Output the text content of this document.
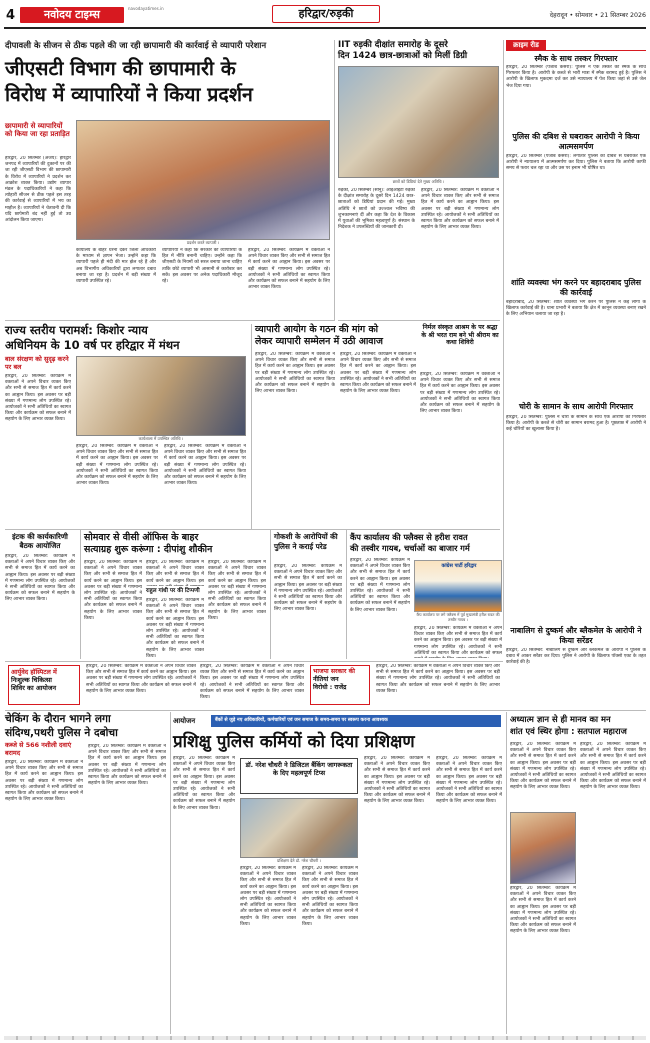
4	नवोदय टाइम्स	navodayatimes.in	हरिद्वार/रुड़की	देहरादून • सोमवार • 21 सितम्बर 2026
दीपावली के सीजन से ठीक पहले की जा रही छापामारी की कार्रवाई से व्यापारी परेशान
जीएसटी विभाग की छापामारी के
विरोध में व्यापारियों ने किया प्रदर्शन
छापामारी से व्यापारियों को किया जा रहा प्रताड़ित
हरिद्वार, 20 सितम्बर (अजय): हरिद्वार जनपद में व्यापारियों की दुकानों पर की जा रही जीएसटी विभाग की छापामारी के विरोध में व्यापारियों ने प्रदर्शन कर आक्रोश व्यक्त किया। उद्योग व्यापार मंडल के पदाधिकारियों ने कहा कि त्योहारी सीजन से ठीक पहले इस तरह की कार्रवाई से व्यापारियों में भय का माहौल है। व्यापारियों ने चेतावनी दी कि यदि छापेमारी बंद नहीं हुई तो उग्र आंदोलन किया जाएगा।
प्रदर्शन करते व्यापारी ।
कार्यालय के बाहर धरना देकर जिला अधिकारी के माध्यम से ज्ञापन भेजा। उन्होंने कहा कि व्यापारी पहले ही मंदी की मार झेल रहे हैं और अब विभागीय अधिकारियों द्वारा लगातार दबाव बनाया जा रहा है। प्रदर्शन में बड़ी संख्या में व्यापारी उपस्थित रहे।
व्यापारियों ने कहा कि सरकार को व्यापारियों के हित में नीति बनानी चाहिए। उन्होंने कहा कि जीएसटी के नियमों को सरल बनाया जाना चाहिए ताकि छोटे व्यापारी भी आसानी से कारोबार कर सकें। इस अवसर पर अनेक पदाधिकारी मौजूद रहे।
हरिद्वार, 20 सितम्बर: कार्यक्रम में वक्ताओं ने अपने विचार व्यक्त किए और सभी से समाज हित में कार्य करने का आह्वान किया। इस अवसर पर बड़ी संख्या में गणमान्य लोग उपस्थित रहे। आयोजकों ने सभी अतिथियों का स्वागत किया और कार्यक्रम को सफल बनाने में सहयोग के लिए आभार व्यक्त किया।
IIT रुड़की दीक्षांत समारोह के दूसरे
दिन 1424 छात्र-छात्राओं को मिलीं डिग्री
छात्रों को डिग्रियां देते मुख्य अतिथि ।
रुड़की, 20 सितम्बर (सोनू): आईआईटी रुड़की के दीक्षांत समारोह के दूसरे दिन 1424 छात्र-छात्राओं को डिग्रियां प्रदान की गई। मुख्य अतिथि ने छात्रों को उज्ज्वल भविष्य की शुभकामनाएं दीं और कहा कि देश के विकास में युवाओं की भूमिका महत्वपूर्ण है। संस्थान के निदेशक ने उपलब्धियों की जानकारी दी।
हरिद्वार, 20 सितम्बर: कार्यक्रम में वक्ताओं ने अपने विचार व्यक्त किए और सभी से समाज हित में कार्य करने का आह्वान किया। इस अवसर पर बड़ी संख्या में गणमान्य लोग उपस्थित रहे। आयोजकों ने सभी अतिथियों का स्वागत किया और कार्यक्रम को सफल बनाने में सहयोग के लिए आभार व्यक्त किया।
क्राइम रीड
स्मैक के साथ तस्कर गिरफ्तार
हरिद्वार, 20 सितम्बर (पंजाब केसरी): पुलिस ने एक तस्कर को स्मैक के साथ गिरफ्तार किया है। आरोपी के कब्जे से भारी मात्रा में स्मैक बरामद हुई है। पुलिस ने आरोपी के खिलाफ मुकदमा दर्ज कर उसे न्यायालय में पेश किया जहां से उसे जेल भेज दिया गया।
पुलिस की दबिश से घबराकर आरोपी ने किया आत्मसमर्पण
हरिद्वार, 20 सितम्बर (पंजाब केसरी): लगातार पुलिस की दबिश से घबराकर एक आरोपी ने न्यायालय में आत्मसमर्पण कर दिया। पुलिस ने बताया कि आरोपी काफी समय से फरार चल रहा था और उस पर इनाम भी घोषित था।
शांति व्यवस्था भंग करने पर बहादराबाद पुलिस की कार्रवाई
बहादराबाद, 20 सितम्बर: शांति व्यवस्था भंग करने पर पुलिस ने कई लोगों के खिलाफ कार्रवाई की है। थाना प्रभारी ने बताया कि क्षेत्र में कानून व्यवस्था बनाए रखने के लिए अभियान चलाया जा रहा है।
चोरी के सामान के साथ आरोपी गिरफ्तार
हरिद्वार, 20 सितम्बर: पुलिस ने चोरी के सामान के साथ एक आरोपी को गिरफ्तार किया है। आरोपी के कब्जे से चोरी का सामान बरामद हुआ है। पूछताछ में आरोपी ने कई चोरियों का खुलासा किया है।
नाबालिग से दुष्कर्म और ब्लैकमेल के आरोपी ने किया सरेंडर
हरिद्वार, 20 सितम्बर: नाबालिग से दुष्कर्म और ब्लैकमेल के आरोपी ने पुलिस के दबाव में आकर सरेंडर कर दिया। पुलिस ने आरोपी के खिलाफ पॉक्सो एक्ट के तहत कार्रवाई की है।
निर्मल संस्कृत आश्रम के पर श्रद्धा के श्री भरत राम बने भी श्रीराम का कथा शिविरी
हरिद्वार, 20 सितम्बर: कार्यक्रम में वक्ताओं ने अपने विचार व्यक्त किए और सभी से समाज हित में कार्य करने का आह्वान किया। इस अवसर पर बड़ी संख्या में गणमान्य लोग उपस्थित रहे। आयोजकों ने सभी अतिथियों का स्वागत किया और कार्यक्रम को सफल बनाने में सहयोग के लिए आभार व्यक्त किया।
राज्य स्तरीय परामर्श: किशोर न्याय
अधिनियम के 10 वर्ष पर हरिद्वार में मंथन
बाल संरक्षण को सुदृढ़ करने पर बल
हरिद्वार, 20 सितम्बर: कार्यक्रम में वक्ताओं ने अपने विचार व्यक्त किए और सभी से समाज हित में कार्य करने का आह्वान किया। इस अवसर पर बड़ी संख्या में गणमान्य लोग उपस्थित रहे। आयोजकों ने सभी अतिथियों का स्वागत किया और कार्यक्रम को सफल बनाने में सहयोग के लिए आभार व्यक्त किया।
कार्यशाला में उपस्थित अतिथि ।
हरिद्वार, 20 सितम्बर: कार्यक्रम में वक्ताओं ने अपने विचार व्यक्त किए और सभी से समाज हित में कार्य करने का आह्वान किया। इस अवसर पर बड़ी संख्या में गणमान्य लोग उपस्थित रहे। आयोजकों ने सभी अतिथियों का स्वागत किया और कार्यक्रम को सफल बनाने में सहयोग के लिए आभार व्यक्त किया।
हरिद्वार, 20 सितम्बर: कार्यक्रम में वक्ताओं ने अपने विचार व्यक्त किए और सभी से समाज हित में कार्य करने का आह्वान किया। इस अवसर पर बड़ी संख्या में गणमान्य लोग उपस्थित रहे। आयोजकों ने सभी अतिथियों का स्वागत किया और कार्यक्रम को सफल बनाने में सहयोग के लिए आभार व्यक्त किया।
व्यापारी आयोग के गठन की मांग को
लेकर व्यापारी सम्मेलन में उठी आवाज
हरिद्वार, 20 सितम्बर: कार्यक्रम में वक्ताओं ने अपने विचार व्यक्त किए और सभी से समाज हित में कार्य करने का आह्वान किया। इस अवसर पर बड़ी संख्या में गणमान्य लोग उपस्थित रहे। आयोजकों ने सभी अतिथियों का स्वागत किया और कार्यक्रम को सफल बनाने में सहयोग के लिए आभार व्यक्त किया।
हरिद्वार, 20 सितम्बर: कार्यक्रम में वक्ताओं ने अपने विचार व्यक्त किए और सभी से समाज हित में कार्य करने का आह्वान किया। इस अवसर पर बड़ी संख्या में गणमान्य लोग उपस्थित रहे। आयोजकों ने सभी अतिथियों का स्वागत किया और कार्यक्रम को सफल बनाने में सहयोग के लिए आभार व्यक्त किया।
इंटक की कार्यकारिणी बैठक आयोजित
हरिद्वार, 20 सितम्बर: कार्यक्रम में वक्ताओं ने अपने विचार व्यक्त किए और सभी से समाज हित में कार्य करने का आह्वान किया। इस अवसर पर बड़ी संख्या में गणमान्य लोग उपस्थित रहे। आयोजकों ने सभी अतिथियों का स्वागत किया और कार्यक्रम को सफल बनाने में सहयोग के लिए आभार व्यक्त किया।
सोमवार से वीसी ऑफिस के बाहर
सत्याग्रह शुरू करूंगा : दीपांशु शौकीन
हरिद्वार, 20 सितम्बर: कार्यक्रम में वक्ताओं ने अपने विचार व्यक्त किए और सभी से समाज हित में कार्य करने का आह्वान किया। इस अवसर पर बड़ी संख्या में गणमान्य लोग उपस्थित रहे। आयोजकों ने सभी अतिथियों का स्वागत किया और कार्यक्रम को सफल बनाने में सहयोग के लिए आभार व्यक्त किया।
हरिद्वार, 20 सितम्बर: कार्यक्रम में वक्ताओं ने अपने विचार व्यक्त किए और सभी से समाज हित में कार्य करने का आह्वान किया। इस
राहुल गांधी पर की टिप्पणी
हरिद्वार, 20 सितम्बर: कार्यक्रम में वक्ताओं ने अपने विचार व्यक्त किए और सभी से समाज हित में कार्य करने का आह्वान किया। इस अवसर पर बड़ी संख्या में गणमान्य लोग उपस्थित रहे। आयोजकों ने सभी अतिथियों का स्वागत किया और कार्यक्रम को सफल बनाने में सहयोग के लिए आभार व्यक्त किया।
हरिद्वार, 20 सितम्बर: कार्यक्रम में वक्ताओं ने अपने विचार व्यक्त किए और सभी से समाज हित में कार्य करने का आह्वान किया। इस अवसर पर बड़ी संख्या में गणमान्य लोग उपस्थित रहे। आयोजकों ने सभी अतिथियों का स्वागत किया और कार्यक्रम को सफल बनाने में सहयोग के लिए आभार व्यक्त किया।
गोकशी के आरोपियों की पुलिस ने कराई परेड
हरिद्वार, 20 सितम्बर: कार्यक्रम में वक्ताओं ने अपने विचार व्यक्त किए और सभी से समाज हित में कार्य करने का आह्वान किया। इस अवसर पर बड़ी संख्या में गणमान्य लोग उपस्थित रहे। आयोजकों ने सभी अतिथियों का स्वागत किया और कार्यक्रम को सफल बनाने में सहयोग के लिए आभार व्यक्त किया।
कैंप कार्यालय की फ्लैक्स से हरीश रावत
की तस्वीर गायब, चर्चाओं का बाजार गर्म
हरिद्वार, 20 सितम्बर: कार्यक्रम में वक्ताओं ने अपने विचार व्यक्त किए और सभी से समाज हित में कार्य करने का आह्वान किया। इस अवसर पर बड़ी संख्या में गणमान्य लोग उपस्थित रहे। आयोजकों ने सभी अतिथियों का स्वागत किया और कार्यक्रम को सफल बनाने में सहयोग के लिए आभार व्यक्त किया।
कांग्रेस पार्टी हरिद्वार
कैंप कार्यालय पर लगे फ्लैक्स में पूर्व मुख्यमंत्री हरीश रावत की तस्वीर गायब ।
हरिद्वार, 20 सितम्बर: कार्यक्रम में वक्ताओं ने अपने विचार व्यक्त किए और सभी से समाज हित में कार्य करने का आह्वान किया। इस अवसर पर बड़ी संख्या में गणमान्य लोग उपस्थित रहे। आयोजकों ने सभी अतिथियों का स्वागत किया और कार्यक्रम को सफल
आर्युवेद हॉस्पिटल में
निःशुल्क चिकित्सा
शिविर का आयोजन
हरिद्वार, 20 सितम्बर: कार्यक्रम में वक्ताओं ने अपने विचार व्यक्त किए और सभी से समाज हित में कार्य करने का आह्वान किया। इस अवसर पर बड़ी संख्या में गणमान्य लोग उपस्थित रहे। आयोजकों ने सभी अतिथियों का स्वागत किया और कार्यक्रम को सफल बनाने में सहयोग के लिए आभार व्यक्त किया।
हरिद्वार, 20 सितम्बर: कार्यक्रम में वक्ताओं ने अपने विचार व्यक्त किए और सभी से समाज हित में कार्य करने का आह्वान किया। इस अवसर पर बड़ी संख्या में गणमान्य लोग उपस्थित रहे। आयोजकों ने सभी अतिथियों का स्वागत किया और कार्यक्रम को सफल बनाने में सहयोग के लिए आभार व्यक्त किया।
भाजपा सरकार की
नीतियां जन
विरोधी : राजेंद्र
हरिद्वार, 20 सितम्बर: कार्यक्रम में वक्ताओं ने अपने विचार व्यक्त किए और सभी से समाज हित में कार्य करने का आह्वान किया। इस अवसर पर बड़ी संख्या में गणमान्य लोग उपस्थित रहे। आयोजकों ने सभी अतिथियों का स्वागत किया और कार्यक्रम को सफल बनाने में सहयोग के लिए आभार व्यक्त किया।
चेकिंग के दौरान भागने लगा
संदिग्ध,पथरी पुलिस ने दबोचा
कब्जे से 566 नशीली दवाएं बरामद
हरिद्वार, 20 सितम्बर: कार्यक्रम में वक्ताओं ने अपने विचार व्यक्त किए और सभी से समाज हित में कार्य करने का आह्वान किया। इस अवसर पर बड़ी संख्या में गणमान्य लोग उपस्थित रहे। आयोजकों ने सभी अतिथियों का स्वागत किया और कार्यक्रम को सफल बनाने में सहयोग के लिए आभार व्यक्त किया।
हरिद्वार, 20 सितम्बर: कार्यक्रम में वक्ताओं ने अपने विचार व्यक्त किए और सभी से समाज हित में कार्य करने का आह्वान किया। इस अवसर पर बड़ी संख्या में गणमान्य लोग उपस्थित रहे। आयोजकों ने सभी अतिथियों का स्वागत किया और कार्यक्रम को सफल बनाने में सहयोग के लिए आभार व्यक्त किया।
आयोजन	बैंकों से जुड़े नए अधिकारियों, कर्मचारियों एवं जन समाज के समय-समय पर स्वरूप करना आवश्यक
प्रशिक्षु पुलिस कर्मियों को दिया प्रशिक्षण
हरिद्वार, 20 सितम्बर: कार्यक्रम में वक्ताओं ने अपने विचार व्यक्त किए और सभी से समाज हित में कार्य करने का आह्वान किया। इस अवसर पर बड़ी संख्या में गणमान्य लोग उपस्थित रहे। आयोजकों ने सभी अतिथियों का स्वागत किया और कार्यक्रम को सफल बनाने में सहयोग के लिए आभार व्यक्त किया।
डॉ. नरेश चौधरी ने डिजिटल बैंकिंग जागरूकता के दिए महत्वपूर्ण टिप्स
प्रशिक्षण देते डॉ. नरेश चौधरी ।
हरिद्वार, 20 सितम्बर: कार्यक्रम में वक्ताओं ने अपने विचार व्यक्त किए और सभी से समाज हित में कार्य करने का आह्वान किया। इस अवसर पर बड़ी संख्या में गणमान्य लोग उपस्थित रहे। आयोजकों ने सभी अतिथियों का स्वागत किया और कार्यक्रम को सफल बनाने में सहयोग के लिए आभार व्यक्त किया।
हरिद्वार, 20 सितम्बर: कार्यक्रम में वक्ताओं ने अपने विचार व्यक्त किए और सभी से समाज हित में कार्य करने का आह्वान किया। इस अवसर पर बड़ी संख्या में गणमान्य लोग उपस्थित रहे। आयोजकों ने सभी अतिथियों का स्वागत किया और कार्यक्रम को सफल बनाने में सहयोग के लिए आभार व्यक्त किया।
हरिद्वार, 20 सितम्बर: कार्यक्रम में वक्ताओं ने अपने विचार व्यक्त किए और सभी से समाज हित में कार्य करने का आह्वान किया। इस अवसर पर बड़ी संख्या में गणमान्य लोग उपस्थित रहे। आयोजकों ने सभी अतिथियों का स्वागत किया और कार्यक्रम को सफल बनाने में सहयोग के लिए आभार व्यक्त किया।
हरिद्वार, 20 सितम्बर: कार्यक्रम में वक्ताओं ने अपने विचार व्यक्त किए और सभी से समाज हित में कार्य करने का आह्वान किया। इस अवसर पर बड़ी संख्या में गणमान्य लोग उपस्थित रहे। आयोजकों ने सभी अतिथियों का स्वागत किया और कार्यक्रम को सफल बनाने में सहयोग के लिए आभार व्यक्त किया।
अध्यात्म ज्ञान से ही मानव का मन
शांत एवं स्थिर होगा : सतपाल महाराज
हरिद्वार, 20 सितम्बर: कार्यक्रम में वक्ताओं ने अपने विचार व्यक्त किए और सभी से समाज हित में कार्य करने का आह्वान किया। इस अवसर पर बड़ी संख्या में गणमान्य लोग उपस्थित रहे। आयोजकों ने सभी अतिथियों का स्वागत किया और कार्यक्रम को सफल बनाने में सहयोग के लिए आभार व्यक्त किया।
हरिद्वार, 20 सितम्बर: कार्यक्रम में वक्ताओं ने अपने विचार व्यक्त किए और सभी से समाज हित में कार्य करने का आह्वान किया। इस अवसर पर बड़ी संख्या में गणमान्य लोग उपस्थित रहे। आयोजकों ने सभी अतिथियों का स्वागत किया और कार्यक्रम को सफल बनाने में सहयोग के लिए आभार व्यक्त किया।
हरिद्वार, 20 सितम्बर: कार्यक्रम में वक्ताओं ने अपने विचार व्यक्त किए और सभी से समाज हित में कार्य करने का आह्वान किया। इस अवसर पर बड़ी संख्या में गणमान्य लोग उपस्थित रहे। आयोजकों ने सभी अतिथियों का स्वागत किया और कार्यक्रम को सफल बनाने में सहयोग के लिए आभार व्यक्त किया।
